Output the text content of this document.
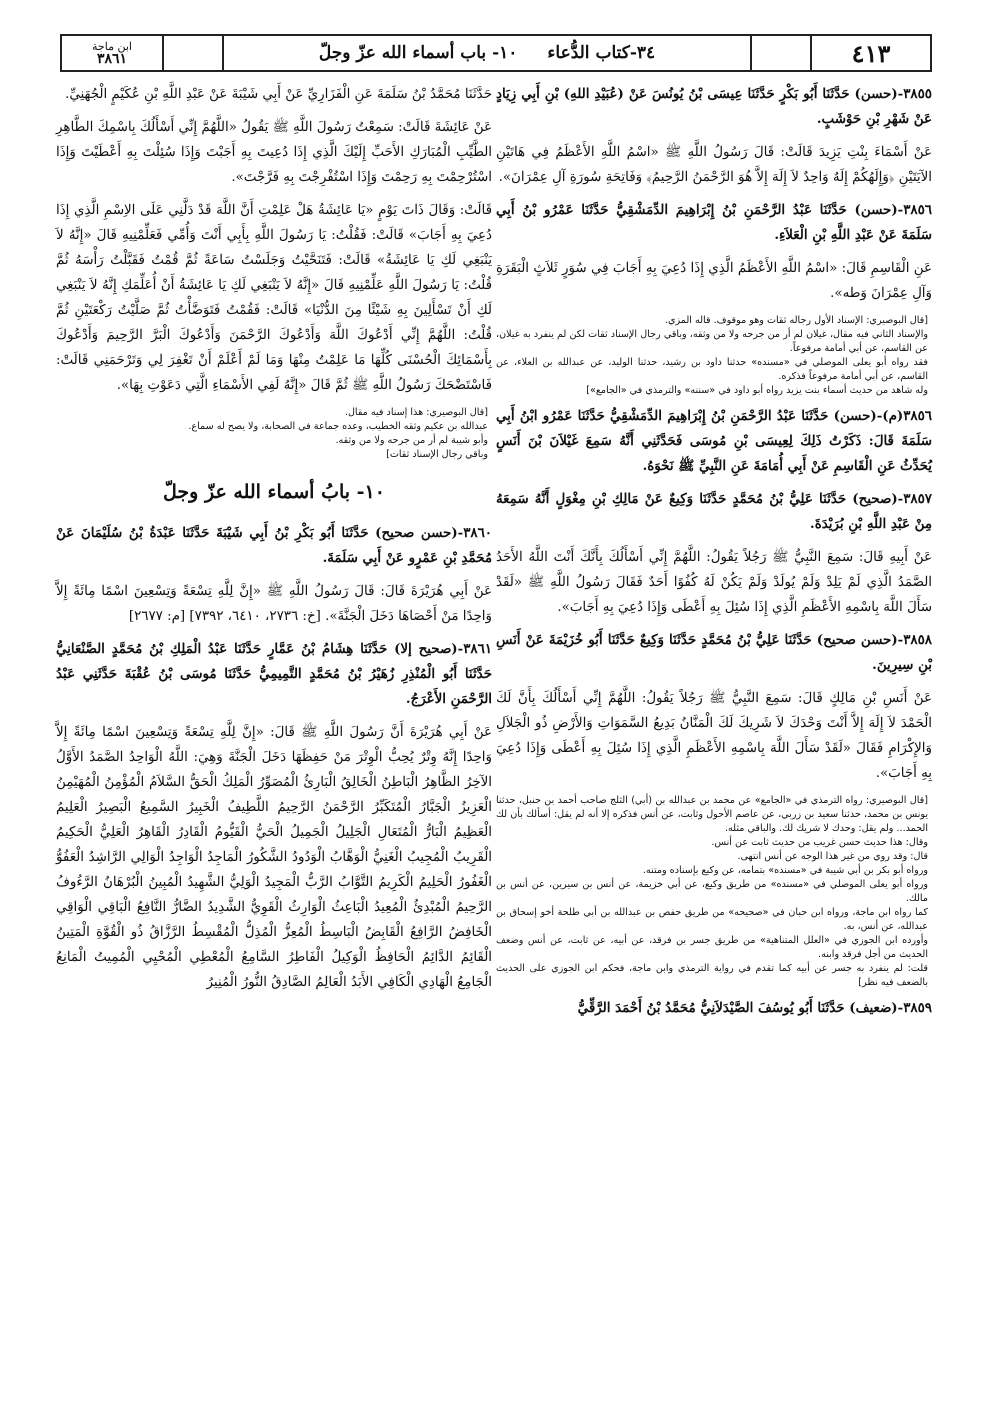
٤١٣
٣٤-كتاب الدُّعاء
١٠- باب أسماء الله عزّ وجلّ
ابن ماجة
٣٨٦١

٣٨٥٥-(حسن) حَدَّثَنَا أَبُو بَكْرٍ حَدَّثَنَا عِيسَى بْنُ يُونُسَ عَنْ (عُبَيْدِ اللهِ) بْنِ أَبِي زِيَادٍ عَنْ شَهْرِ بْنِ حَوْشَبٍ.

عَنْ أَسْمَاءَ بِنْتِ يَزِيدَ قَالَتْ: قَالَ رَسُولُ اللَّهِ ﷺ «اسْمُ اللَّهِ الأَعْظَمُ فِي هَاتَيْنِ الآيَتَيْنِ ﴿وَإِلَهُكُمْ إِلَهٌ وَاحِدٌ لاَ إِلَهَ إِلاَّ هُوَ الرَّحْمَنُ الرَّحِيمُ﴾ وَفَاتِحَةِ سُورَةِ آلِ عِمْرَانَ».

٣٨٥٦-(حسن) حَدَّثَنَا عَبْدُ الرَّحْمَنِ بْنُ إِبْرَاهِيمَ الدِّمَشْقِيُّ حَدَّثَنَا عَمْرُو بْنُ أَبِي سَلَمَةَ عَنْ عَبْدِ اللَّهِ بْنِ الْعَلاَءِ.

عَنِ الْقَاسِمِ قَالَ: «اسْمُ اللَّهِ الأَعْظَمُ الَّذِي إِذَا دُعِيَ بِهِ أَجَابَ فِي سُوَرٍ ثَلاَثٍ الْبَقَرَةِ وَآلِ عِمْرَانَ وَطه».

[قال البوصيري: الإسناد الأول رجاله ثقات وهو موقوف. قاله المزي.
والإسناد الثاني فيه مقال، غيلان لم أر من جرحه ولا من وثقه، وباقي رجال الإسناد ثقات لكن لم ينفرد به غيلان، عن القاسم، عن أبي أمامة مرفوعاً.
فقد رواه أبو يعلى الموصلي في «مسنده» حدثنا داود بن رشيد، حدثنا الوليد، عن عبدالله بن العلاء، عن القاسم، عن أبي أمامة مرفوعاً فذكره.
وله شاهد من حديث أسماء بنت يزيد رواه أبو داود في «سننه» والترمذي في «الجامع»]

٣٨٥٦(م)-(حسن) حَدَّثَنَا عَبْدُ الرَّحْمَنِ بْنُ إِبْرَاهِيمَ الدِّمَشْقِيُّ حَدَّثَنَا عَمْرُو ابْنُ أَبِي سَلَمَةَ قَالَ: ذَكَرْتُ ذَلِكَ لِعِيسَى بْنِ مُوسَى فَحَدَّثَنِي أَنَّهُ سَمِعَ غَيْلاَنَ بْنَ أَنَسٍ يُحَدِّثُ عَنِ الْقَاسِمِ عَنْ أَبِي أُمَامَةَ عَنِ النَّبِيِّ ﷺ نَحْوَهُ.

٣٨٥٧-(صحيح) حَدَّثَنَا عَلِيُّ بْنُ مُحَمَّدٍ حَدَّثَنَا وَكِيعٌ عَنْ مَالِكِ بْنِ مِغْوَلٍ أَنَّهُ سَمِعَهُ مِنْ عَبْدِ اللَّهِ بْنِ بُرَيْدَةَ.

عَنْ أَبِيهِ قَالَ: سَمِعَ النَّبِيُّ ﷺ رَجُلاً يَقُولُ: اللَّهُمَّ إِنِّي أَسْأَلُكَ بِأَنَّكَ أَنْتَ اللَّهُ الأَحَدُ الصَّمَدُ الَّذِي لَمْ يَلِدْ وَلَمْ يُولَدْ وَلَمْ يَكُنْ لَهُ كُفُوًا أَحَدٌ فَقَالَ رَسُولُ اللَّهِ ﷺ «لَقَدْ سَأَلَ اللَّهَ بِاسْمِهِ الأَعْظَمِ الَّذِي إِذَا سُئِلَ بِهِ أَعْطَى وَإِذَا دُعِيَ بِهِ أَجَابَ».

٣٨٥٨-(حسن صحيح) حَدَّثَنَا عَلِيُّ بْنُ مُحَمَّدٍ حَدَّثَنَا وَكِيعٌ حَدَّثَنَا أَبُو خُزَيْمَةَ عَنْ أَنَسِ بْنِ سِيرِينَ.

عَنْ أَنَسِ بْنِ مَالِكٍ قَالَ: سَمِعَ النَّبِيُّ ﷺ رَجُلاً يَقُولُ: اللَّهُمَّ إِنِّي أَسْأَلُكَ بِأَنَّ لَكَ الْحَمْدَ لاَ إِلَهَ إِلاَّ أَنْتَ وَحْدَكَ لاَ شَرِيكَ لَكَ الْمَنَّانُ بَدِيعُ السَّمَوَاتِ وَالأَرْضِ ذُو الْجَلاَلِ وَالإِكْرَامِ فَقَالَ «لَقَدْ سَأَلَ اللَّهَ بِاسْمِهِ الأَعْظَمِ الَّذِي إِذَا سُئِلَ بِهِ أَعْطَى وَإِذَا دُعِيَ بِهِ أَجَابَ».

[قال البوصيري: رواه الترمذي في «الجامع» عن محمد بن عبدالله بن (أبي) الثلج صاحب أحمد بن حنبل، حدثنا يونس بن محمد، حدثنا سعيد بن زربي، عن عاصم الأحول وثابت، عن أنس فذكره إلا أنه لم يقل: أسألك بأن لك الحمد... ولم يقل: وحدك لا شريك لك. والباقي مثله.
وقال: هذا حديث حسن غريب من حديث ثابت عن أنس.
قال: وقد روي من غير هذا الوجه عن أنس انتهى.
ورواه أبو بكر بن أبي شيبة في «مسنده» بتمامه، عن وكيع بإسناده ومتنه.
ورواه أبو يعلى الموصلي في «مسنده» من طريق وكيع، عن أبي خزيمة، عن أنس بن سيرين، عن أنس بن مالك.
كما رواه ابن ماجة، ورواه ابن حبان في «صحيحه» من طريق حفص بن عبدالله بن أبي طلحة أخو إسحاق بن عبدالله، عن أنس، به.
وأورده ابن الجوزي في «العلل المتناهية» من طريق جسر بن فرقد، عن أبيه، عن ثابت، عن أنس وضعف الحديث من أجل فرقد وابنه.
قلت: لم ينفرد به جسر عن أبيه كما تقدم في رواية الترمذي وابن ماجة، فحكم ابن الجوزي على الحديث بالضعف فيه نظر]

٣٨٥٩-(ضعيف) حَدَّثَنَا أَبُو يُوسُفَ الصَّيْدَلاَنِيُّ مُحَمَّدُ بْنُ أَحْمَدَ الرَّقِّيُّ

حَدَّثَنَا مُحَمَّدُ بْنُ سَلَمَةَ عَنِ الْفَزَارِيِّ عَنْ أَبِي شَيْبَةَ عَنْ عَبْدِ اللَّهِ بْنِ عُكَيْمٍ الْجُهَنِيِّ.

عَنْ عَائِشَةَ قَالَتْ: سَمِعْتُ رَسُولَ اللَّهِ ﷺ يَقُولُ «اللَّهُمَّ إِنِّي أَسْأَلُكَ بِاسْمِكَ الطَّاهِرِ الطَّيِّبِ الْمُبَارَكِ الأَحَبِّ إِلَيْكَ الَّذِي إِذَا دُعِيتَ بِهِ أَجَبْتَ وَإِذَا سُئِلْتَ بِهِ أَعْطَيْتَ وَإِذَا اسْتُرْحِمْتَ بِهِ رَحِمْتَ وَإِذَا اسْتُفْرِجْتَ بِهِ فَرَّجْتَ».

قَالَتْ: وَقَالَ ذَاتَ يَوْمٍ «يَا عَائِشَةُ هَلْ عَلِمْتِ أَنَّ اللَّهَ قَدْ دَلَّنِي عَلَى الاِسْمِ الَّذِي إِذَا دُعِيَ بِهِ أَجَابَ» قَالَتْ: فَقُلْتُ: يَا رَسُولَ اللَّهِ بِأَبِي أَنْتَ وَأُمِّي فَعَلِّمْنِيهِ قَالَ «إِنَّهُ لاَ يَنْبَغِي لَكِ يَا عَائِشَةُ» قَالَتْ: فَتَنَحَّيْتُ وَجَلَسْتُ سَاعَةً ثُمَّ قُمْتُ فَقَبَّلْتُ رَأْسَهُ ثُمَّ قُلْتُ: يَا رَسُولَ اللَّهِ عَلِّمْنِيهِ قَالَ «إِنَّهُ لاَ يَنْبَغِي لَكِ يَا عَائِشَةُ أَنْ أُعَلِّمَكِ إِنَّهُ لاَ يَنْبَغِي لَكِ أَنْ تَسْأَلِينَ بِهِ شَيْئًا مِنَ الدُّنْيَا» قَالَتْ: فَقُمْتُ فَتَوَضَّأْتُ ثُمَّ صَلَّيْتُ رَكْعَتَيْنِ ثُمَّ قُلْتُ: اللَّهُمَّ إِنِّي أَدْعُوكَ اللَّهَ وَأَدْعُوكَ الرَّحْمَنَ وَأَدْعُوكَ الْبَرَّ الرَّحِيمَ وَأَدْعُوكَ بِأَسْمَائِكَ الْحُسْنَى كُلِّهَا مَا عَلِمْتُ مِنْهَا وَمَا لَمْ أَعْلَمْ أَنْ تَغْفِرَ لِي وَتَرْحَمَنِي قَالَتْ: فَاسْتَضْحَكَ رَسُولُ اللَّهِ ﷺ ثُمَّ قَالَ «إِنَّهُ لَفِي الأَسْمَاءِ الَّتِي دَعَوْتِ بِهَا».

[قال البوصيري: هذا إسناد فيه مقال.
عبدالله بن عكيم وثقه الخطيب، وعده جماعة في الصحابة، ولا يصح له سماع.
وأبو شيبة لم أر من جرحه ولا من وثقه.
وباقي رجال الإسناد ثقات]
١٠- بابُ أسماء الله عزّ وجلّ

٣٨٦٠-(حسن صحيح) حَدَّثَنَا أَبُو بَكْرِ بْنُ أَبِي شَيْبَةَ حَدَّثَنَا عَبْدَةُ بْنُ سُلَيْمَانَ عَنْ مُحَمَّدِ بْنِ عَمْرٍو عَنْ أَبِي سَلَمَةَ.

عَنْ أَبِي هُرَيْرَةَ قَالَ: قَالَ رَسُولُ اللَّهِ ﷺ «إِنَّ لِلَّهِ تِسْعَةً وَتِسْعِينَ اسْمًا مِائَةً إِلاَّ وَاحِدًا مَنْ أَحْصَاهَا دَخَلَ الْجَنَّةَ». [خ: ٢٧٣٦، ٦٤١٠، ٧٣٩٢] [م: ٢٦٧٧]

٣٨٦١-(صحيح إلا) حَدَّثَنَا هِشَامُ بْنُ عَمَّارٍ حَدَّثَنَا عَبْدُ الْمَلِكِ بْنُ مُحَمَّدٍ الصَّنْعَانِيُّ حَدَّثَنَا أَبُو الْمُنْذِرِ زُهَيْرُ بْنُ مُحَمَّدٍ التَّمِيمِيُّ حَدَّثَنَا مُوسَى بْنُ عُقْبَةَ حَدَّثَنِي عَبْدُ الرَّحْمَنِ الأَعْرَجُ.

عَنْ أَبِي هُرَيْرَةَ أَنَّ رَسُولَ اللَّهِ ﷺ قَالَ: «إِنَّ لِلَّهِ تِسْعَةً وَتِسْعِينَ اسْمًا مِائَةً إِلاَّ وَاحِدًا إِنَّهُ وِتْرٌ يُحِبُّ الْوِتْرَ مَنْ حَفِظَهَا دَخَلَ الْجَنَّةَ وَهِيَ: اللَّهُ الْوَاحِدُ الصَّمَدُ الأَوَّلُ الآخِرُ الظَّاهِرُ الْبَاطِنُ الْخَالِقُ الْبَارِئُ الْمُصَوِّرُ الْمَلِكُ الْحَقُّ السَّلاَمُ الْمُؤْمِنُ الْمُهَيْمِنُ الْعَزِيزُ الْجَبَّارُ الْمُتَكَبِّرُ الرَّحْمَنُ الرَّحِيمُ اللَّطِيفُ الْخَبِيرُ السَّمِيعُ الْبَصِيرُ الْعَلِيمُ الْعَظِيمُ الْبَارُّ الْمُتَعَالِ الْجَلِيلُ الْجَمِيلُ الْحَيُّ الْقَيُّومُ الْقَادِرُ الْقَاهِرُ الْعَلِيُّ الْحَكِيمُ الْقَرِيبُ الْمُجِيبُ الْغَنِيُّ الْوَهَّابُ الْوَدُودُ الشَّكُورُ الْمَاجِدُ الْوَاجِدُ الْوَالِي الرَّاشِدُ الْعَفُوُّ الْغَفُورُ الْحَلِيمُ الْكَرِيمُ التَّوَّابُ الرَّبُّ الْمَجِيدُ الْوَلِيُّ الشَّهِيدُ الْمُبِينُ الْبُرْهَانُ الرَّءُوفُ الرَّحِيمُ الْمُبْدِئُ الْمُعِيدُ الْبَاعِثُ الْوَارِثُ الْقَوِيُّ الشَّدِيدُ الضَّارُّ النَّافِعُ الْبَاقِي الْوَاقِي الْخَافِضُ الرَّافِعُ الْقَابِضُ الْبَاسِطُ الْمُعِزُّ الْمُذِلُّ الْمُقْسِطُ الرَّزَّاقُ ذُو الْقُوَّةِ الْمَتِينُ الْقَائِمُ الدَّائِمُ الْحَافِظُ الْوَكِيلُ الْفَاطِرُ السَّامِعُ الْمُعْطِي الْمُحْيِي الْمُمِيتُ الْمَانِعُ الْجَامِعُ الْهَادِي الْكَافِي الأَبَدُ الْعَالِمُ الصَّادِقُ النُّورُ الْمُنِيرُ
